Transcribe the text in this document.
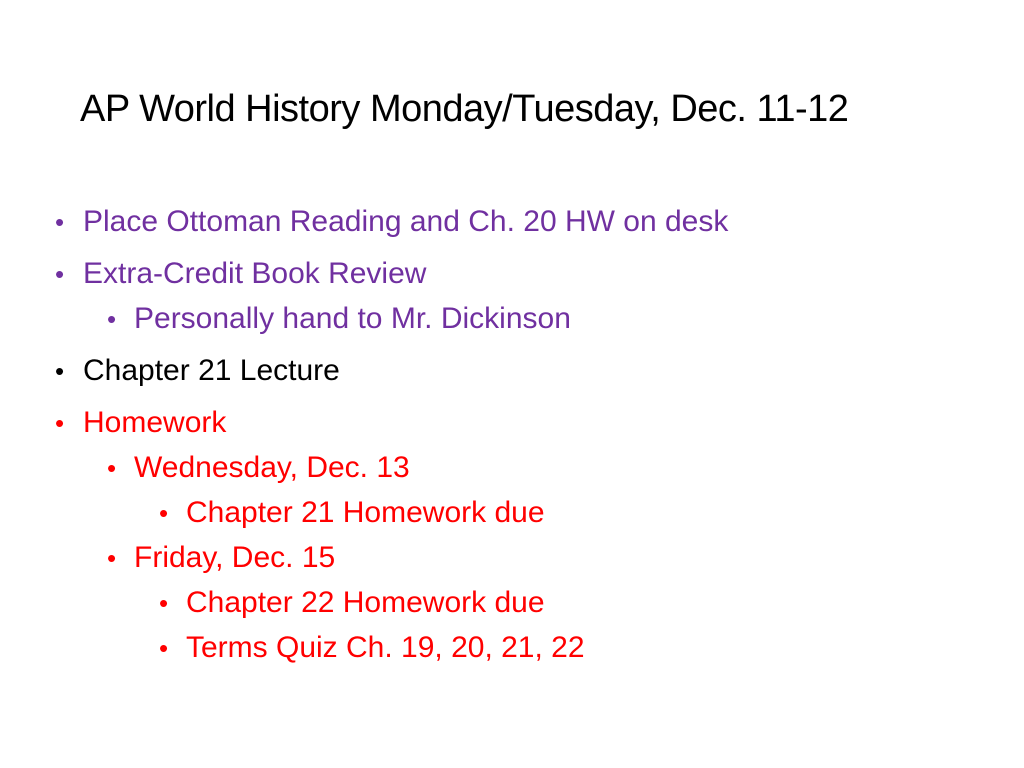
AP World History Monday/Tuesday, Dec. 11-12
• Place Ottoman Reading and Ch. 20 HW on desk
• Extra-Credit Book Review
• Personally hand to Mr. Dickinson
• Chapter 21 Lecture
• Homework
• Wednesday, Dec. 13
• Chapter 21 Homework due
• Friday, Dec. 15
• Chapter 22 Homework due
• Terms Quiz Ch. 19, 20, 21, 22
